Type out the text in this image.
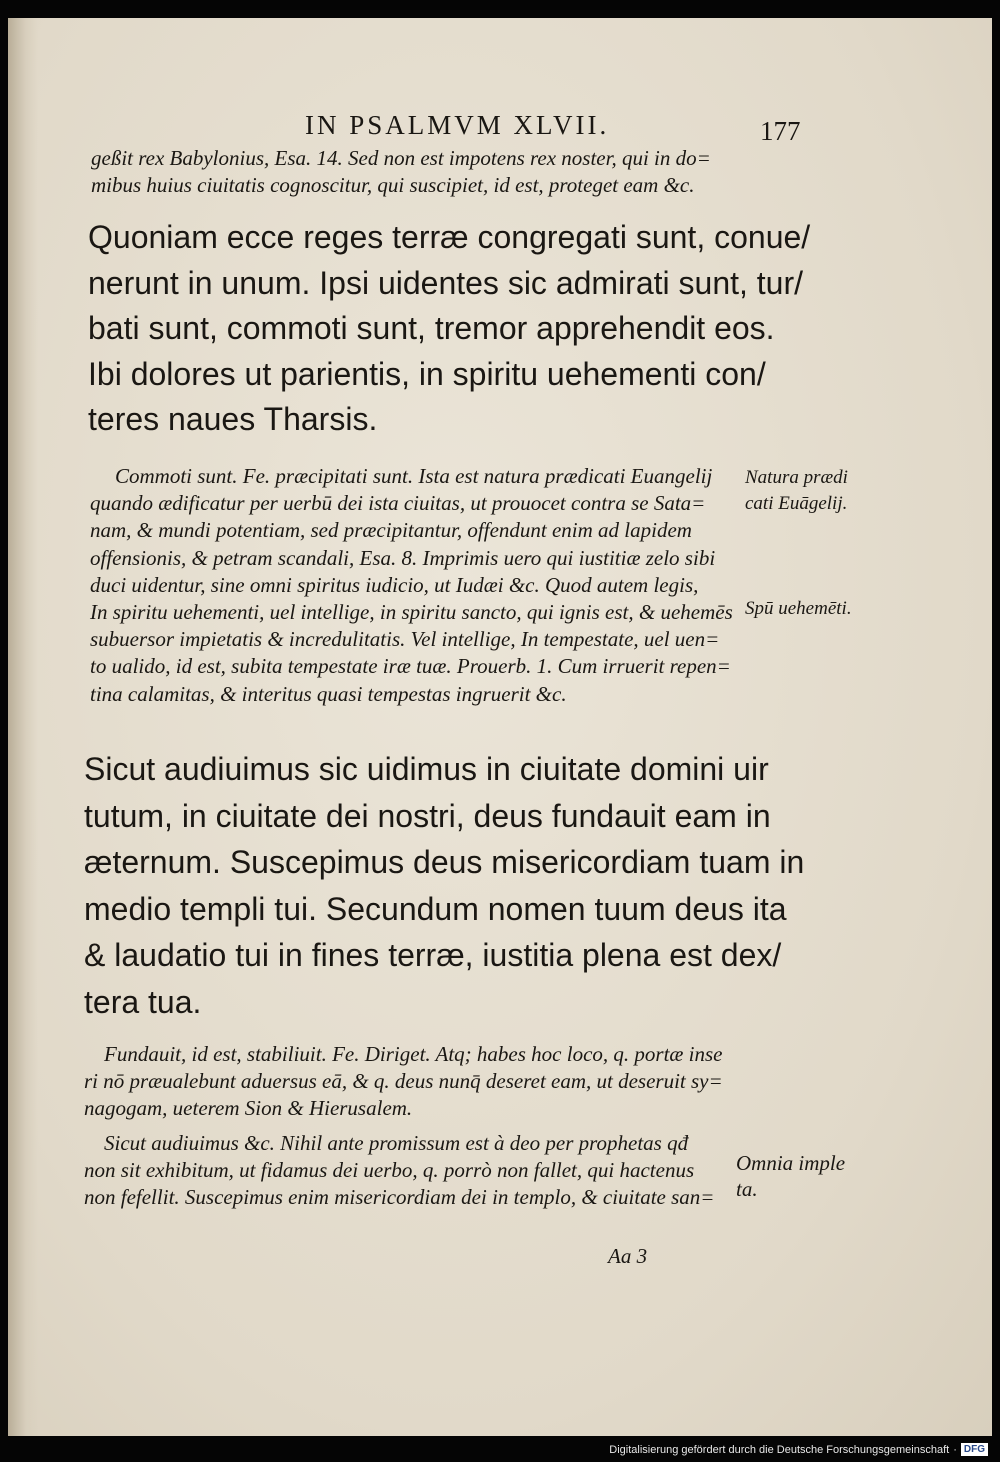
IN PSALMVM XLVII.	177
geßit rex Babylonius, Esa. 14. Sed non est impotens rex noster, qui in do=
mibus huius ciuitatis cognoscitur, qui suscipiet, id est, proteget eam &c.
Quoniam ecce reges terræ congregati sunt, conue/
nerunt in unum. Ipsi uidentes sic admirati sunt, tur/
bati sunt, commoti sunt, tremor apprehendit eos.
Ibi dolores ut parientis, in spiritu uehementi con/
teres naues Tharsis.
Commoti sunt. Fe. præcipitati sunt. Ista est natura prædicati Euangelij
quando ædificatur per uerbū dei ista ciuitas, ut prouocet contra se Sata=
nam, & mundi potentiam, sed præcipitantur, offendunt enim ad lapidem
offensionis, & petram scandali, Esa. 8. Imprimis uero qui iustitiæ zelo sibi
duci uidentur, sine omni spiritus iudicio, ut Iudæi &c. Quod autem legis,
In spiritu uehementi, uel intellige, in spiritu sancto, qui ignis est, & uehemēs
subuersor impietatis & incredulitatis. Vel intellige, In tempestate, uel uen=
to ualido, id est, subita tempestate iræ tuæ. Prouerb. 1. Cum irruerit repen=
tina calamitas, & interitus quasi tempestas ingruerit &c.
Natura prædi
cati Euāgelij.
Spū uehemēti.
Sicut audiuimus sic uidimus in ciuitate domini uir
tutum, in ciuitate dei nostri, deus fundauit eam in
æternum. Suscepimus deus misericordiam tuam in
medio templi tui. Secundum nomen tuum deus ita
& laudatio tui in fines terræ, iustitia plena est dex/
tera tua.
Fundauit, id est, stabiliuit. Fe. Diriget. Atq; habes hoc loco, q. portæ inse
ri nō præualebunt aduersus eā, & q. deus nunq̄ deseret eam, ut deseruit sy=
nagogam, ueterem Sion & Hierusalem.
Sicut audiuimus &c. Nihil ante promissum est à deo per prophetas qđ
non sit exhibitum, ut fidamus dei uerbo, q. porrò non fallet, qui hactenus
non fefellit. Suscepimus enim misericordiam dei in templo, & ciuitate san=
Omnia imple
ta.
Aa 3
Digitalisierung gefördert durch die Deutsche Forschungsgemeinschaft · DFG
